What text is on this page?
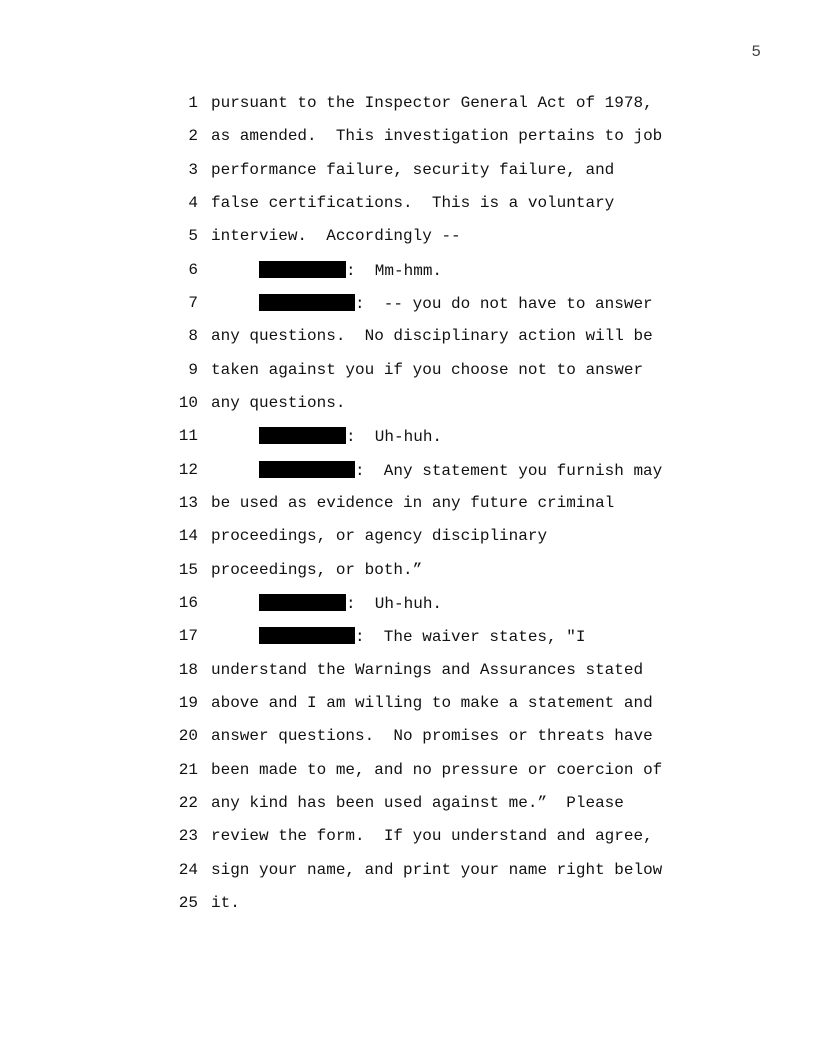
5

1

pursuant to the Inspector General Act of 1978,

2

as amended.  This investigation pertains to job

3

performance failure, security failure, and

4

false certifications.  This is a voluntary

5

interview.  Accordingly --

6

	:  Mm-hmm.

7

	:  -- you do not have to answer

8

any questions.  No disciplinary action will be

9

taken against you if you choose not to answer

10

any questions.

11

	:  Uh-huh.

12

	:  Any statement you furnish may

13

be used as evidence in any future criminal

14

proceedings, or agency disciplinary

15

proceedings, or both.”

16

	:  Uh-huh.

17

	:  The waiver states, "I

18

understand the Warnings and Assurances stated

19

above and I am willing to make a statement and

20

answer questions.  No promises or threats have

21

been made to me, and no pressure or coercion of

22

any kind has been used against me.”  Please

23

review the form.  If you understand and agree,

24

sign your name, and print your name right below

25

it.
